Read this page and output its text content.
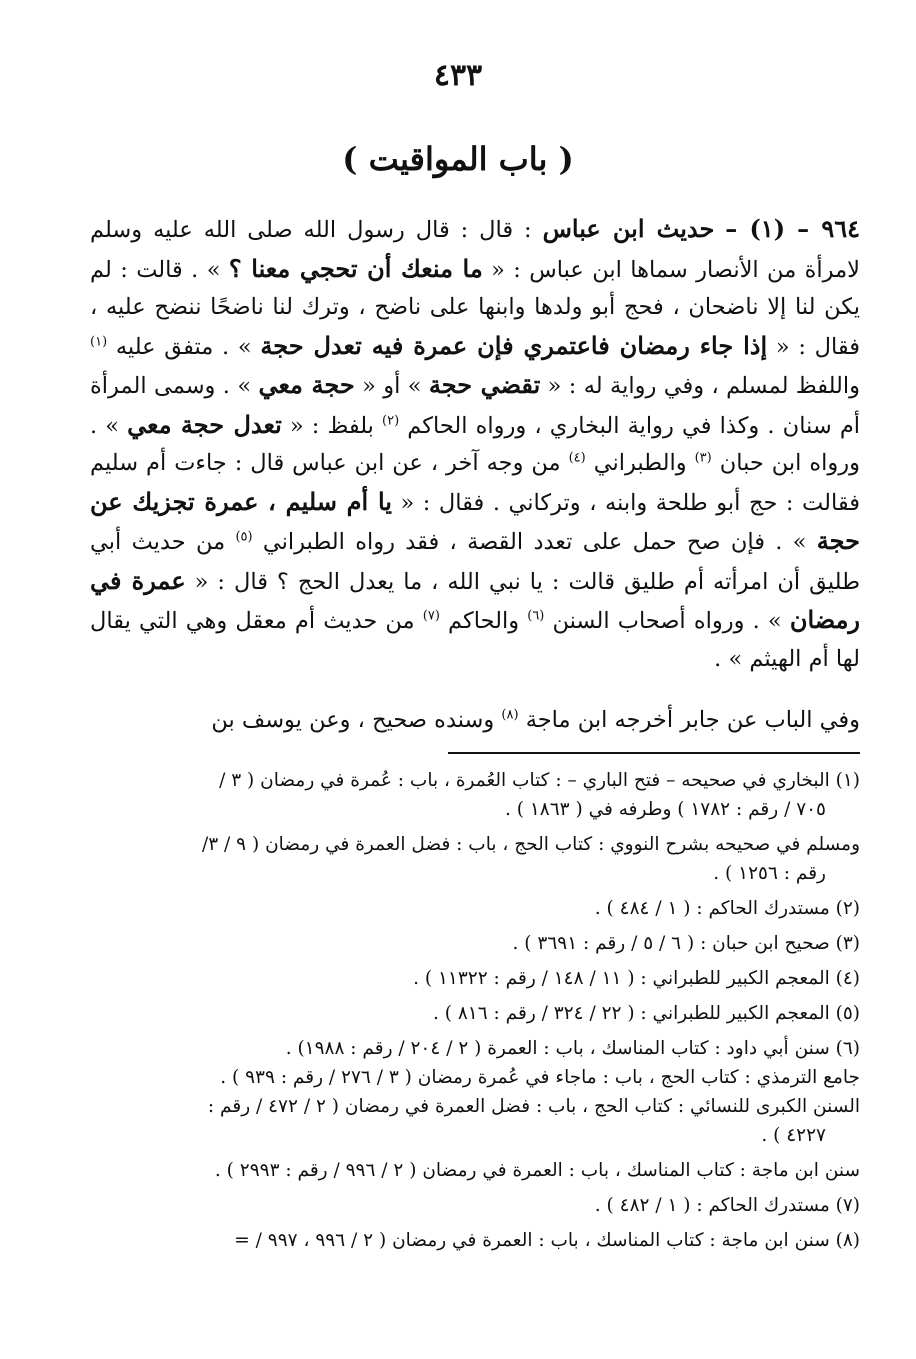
٤٣٣
( باب المواقيت )

٩٦٤ – (١) – حديث ابن عباس : قال : قال رسول الله صلى الله عليه وسلم لامرأة من الأنصار سماها ابن عباس : « ما منعك أن تحجي معنا ؟ » . قالت : لم يكن لنا إلا ناضحان ، فحج أبو ولدها وابنها على ناضح ، وترك لنا ناضحًا ننضح عليه ، فقال : « إذا جاء رمضان فاعتمري فإن عمرة فيه تعدل حجة » . متفق عليه $^{(١)}$ واللفظ لمسلم ، وفي رواية له : « تقضي حجة » أو « حجة معي » . وسمى المرأة أم سنان . وكذا في رواية البخاري ، ورواه الحاكم $^{(٢)}$ بلفظ : « تعدل حجة معي » . ورواه ابن حبان $^{(٣)}$ والطبراني $^{(٤)}$ من وجه آخر ، عن ابن عباس قال : جاءت أم سليم فقالت : حج أبو طلحة وابنه ، وتركاني . فقال : « يا أم سليم ، عمرة تجزيك عن حجة » . فإن صح حمل على تعدد القصة ، فقد رواه الطبراني $^{(٥)}$ من حديث أبي طليق أن امرأته أم طليق قالت : يا نبي الله ، ما يعدل الحج ؟ قال : « عمرة في رمضان » . ورواه أصحاب السنن $^{(٦)}$ والحاكم $^{(٧)}$ من حديث أم معقل وهي التي يقال لها أم الهيثم » .

وفي الباب عن جابر أخرجه ابن ماجة $^{(٨)}$ وسنده صحيح ، وعن يوسف بن

(١) البخاري في صحيحه – فتح الباري – : كتاب العُمرة ، باب : عُمرة في رمضان ( ٣ /

٧٠٥ / رقم : ١٧٨٢ ) وطرفه في ( ١٨٦٣ ) .

ومسلم في صحيحه بشرح النووي : كتاب الحج ، باب : فضل العمرة في رمضان ( ٩ / ٣/

رقم : ١٢٥٦ ) .

(٢) مستدرك الحاكم : ( ١ / ٤٨٤ ) .

(٣) صحيح ابن حبان : ( ٦ / ٥ / رقم : ٣٦٩١ ) .

(٤) المعجم الكبير للطبراني : ( ١١ / ١٤٨ / رقم : ١١٣٢٢ ) .

(٥) المعجم الكبير للطبراني : ( ٢٢ / ٣٢٤ / رقم : ٨١٦ ) .

(٦) سنن أبي داود : كتاب المناسك ، باب : العمرة ( ٢ / ٢٠٤ / رقم : ١٩٨٨) .

جامع الترمذي : كتاب الحج ، باب : ماجاء في عُمرة رمضان ( ٣ / ٢٧٦ / رقم : ٩٣٩ ) .

السنن الكبرى للنسائي : كتاب الحج ، باب : فضل العمرة في رمضان ( ٢ / ٤٧٢ / رقم :

٤٢٢٧ ) .

سنن ابن ماجة : كتاب المناسك ، باب : العمرة في رمضان ( ٢ / ٩٩٦ / رقم : ٢٩٩٣ ) .

(٧) مستدرك الحاكم : ( ١ / ٤٨٢ ) .

(٨) سنن ابن ماجة : كتاب المناسك ، باب : العمرة في رمضان ( ٢ / ٩٩٦ ، ٩٩٧ / =
